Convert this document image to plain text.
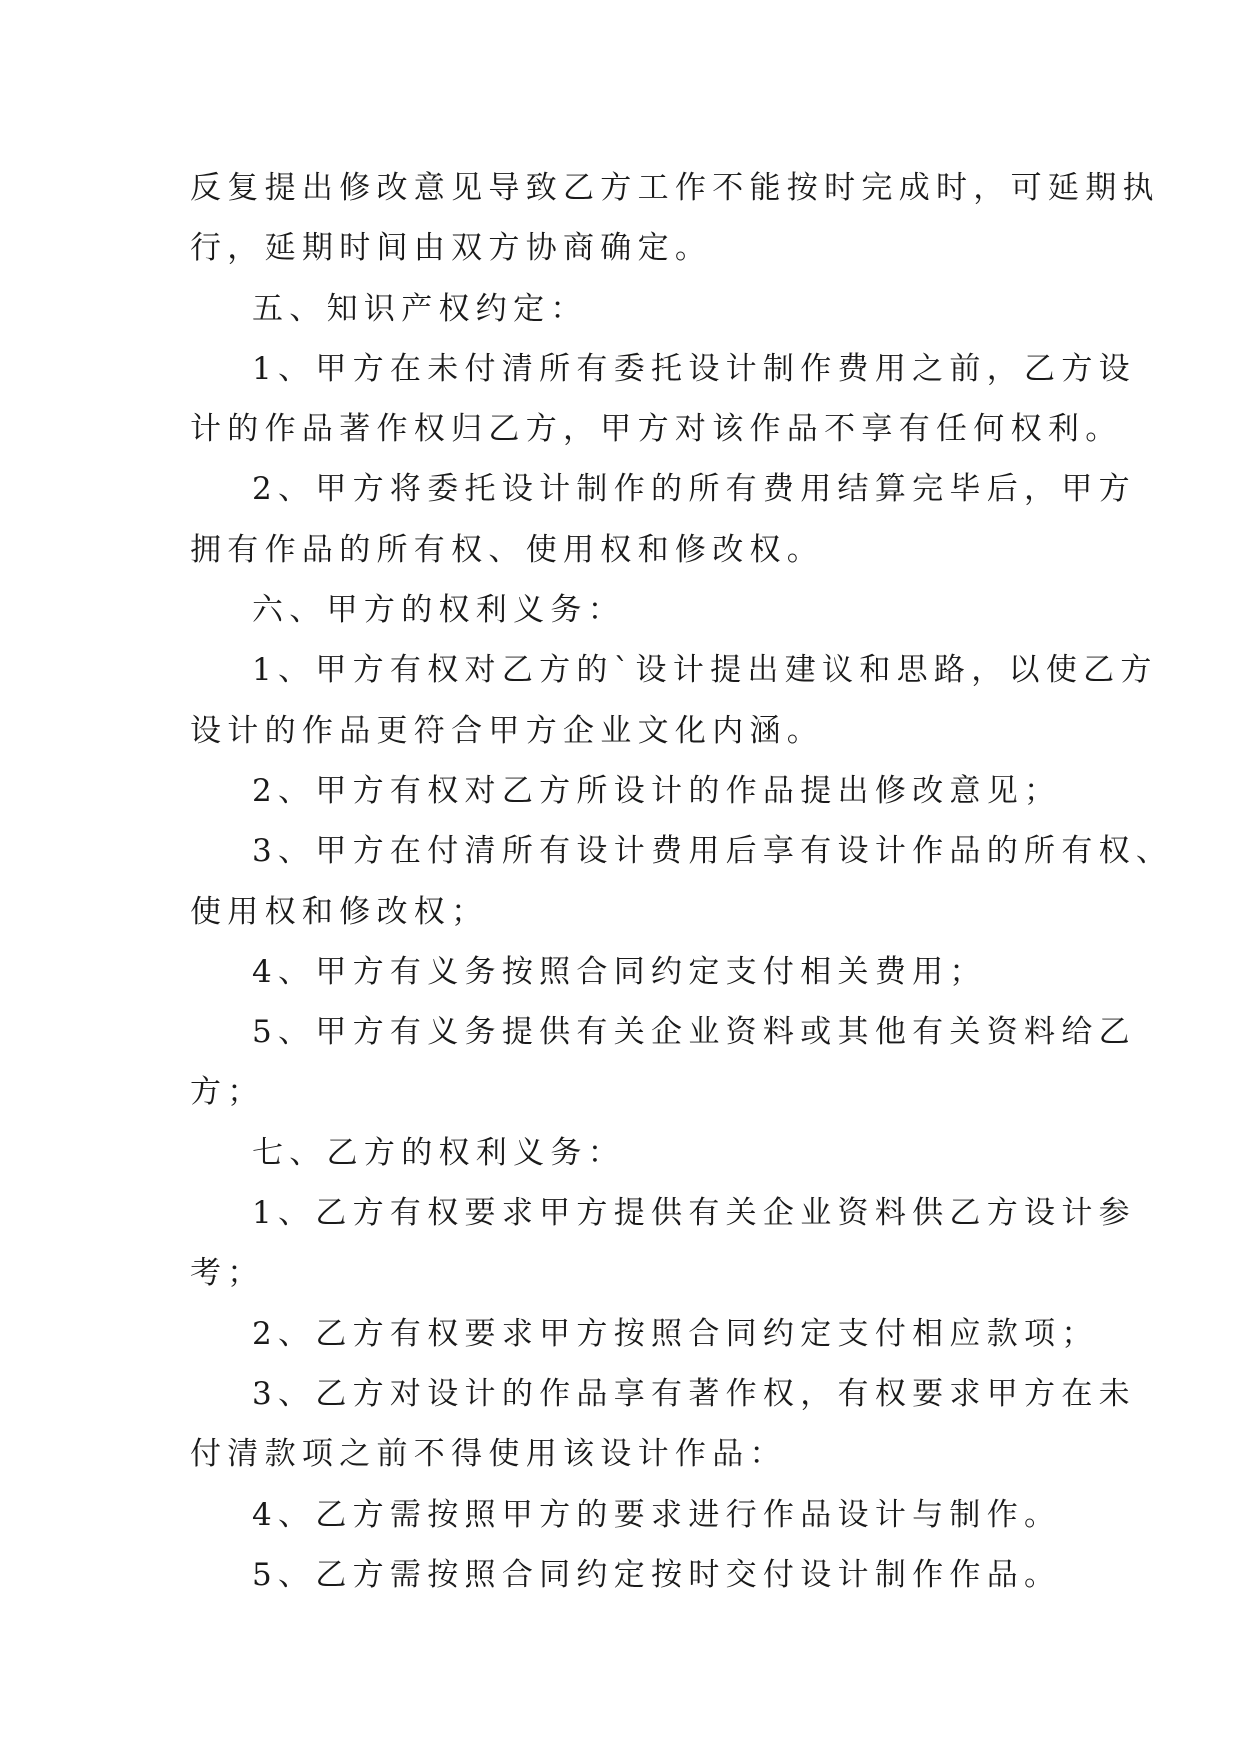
反复提出修改意见导致乙方工作不能按时完成时，可延期执
行，延期时间由双方协商确定。
五、知识产权约定：
1、甲方在未付清所有委托设计制作费用之前，乙方设
计的作品著作权归乙方，甲方对该作品不享有任何权利。
2、甲方将委托设计制作的所有费用结算完毕后，甲方
拥有作品的所有权、使用权和修改权。
六、甲方的权利义务：
1、甲方有权对乙方的`设计提出建议和思路，以使乙方
设计的作品更符合甲方企业文化内涵。
2、甲方有权对乙方所设计的作品提出修改意见；
3、甲方在付清所有设计费用后享有设计作品的所有权、
使用权和修改权；
4、甲方有义务按照合同约定支付相关费用；
5、甲方有义务提供有关企业资料或其他有关资料给乙
方；
七、乙方的权利义务：
1、乙方有权要求甲方提供有关企业资料供乙方设计参
考；
2、乙方有权要求甲方按照合同约定支付相应款项；
3、乙方对设计的作品享有著作权，有权要求甲方在未
付清款项之前不得使用该设计作品：
4、乙方需按照甲方的要求进行作品设计与制作。
5、乙方需按照合同约定按时交付设计制作作品。
